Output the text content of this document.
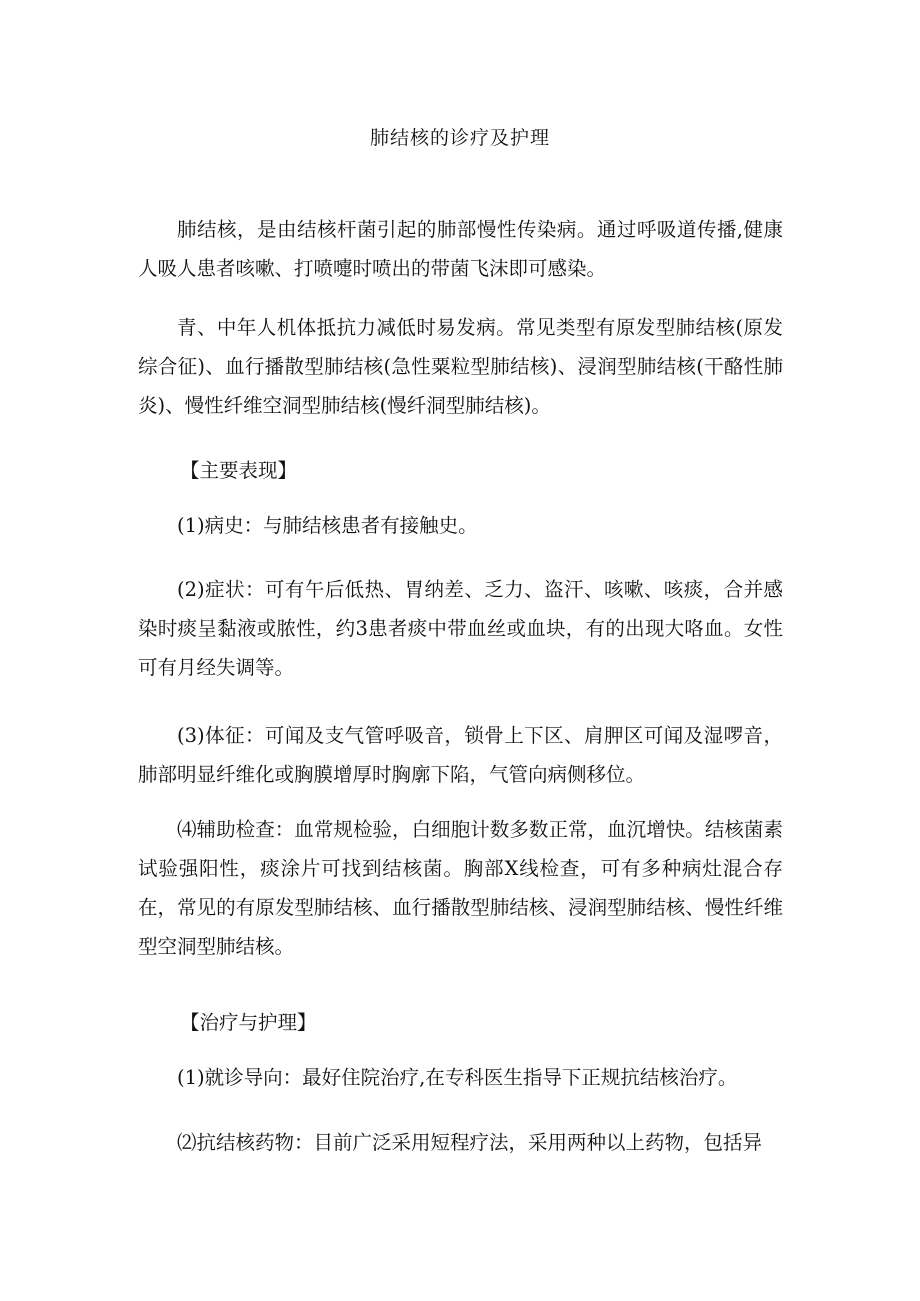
肺结核的诊疗及护理

肺结核，是由结核杆菌引起的肺部慢性传染病。通过呼吸道传播,健康人吸人患者咳嗽、打喷嚏时喷出的带菌飞沫即可感染。

青、中年人机体抵抗力减低时易发病。常见类型有原发型肺结核(原发综合征)、血行播散型肺结核(急性粟粒型肺结核)、浸润型肺结核(干酪性肺炎)、慢性纤维空洞型肺结核(慢纤洞型肺结核)。

【主要表现】

(1)病史：与肺结核患者有接触史。

(2)症状：可有午后低热、胃纳差、乏力、盗汗、咳嗽、咳痰，合并感染时痰呈黏液或脓性，约3患者痰中带血丝或血块，有的出现大咯血。女性可有月经失调等。

(3)体征：可闻及支气管呼吸音，锁骨上下区、肩胛区可闻及湿啰音，肺部明显纤维化或胸膜增厚时胸廓下陷，气管向病侧移位。

⑷辅助检查：血常规检验，白细胞计数多数正常，血沉增快。结核菌素试验强阳性，痰涂片可找到结核菌。胸部X线检查，可有多种病灶混合存在，常见的有原发型肺结核、血行播散型肺结核、浸润型肺结核、慢性纤维型空洞型肺结核。

【治疗与护理】

(1)就诊导向：最好住院治疗,在专科医生指导下正规抗结核治疗。

⑵抗结核药物：目前广泛采用短程疗法，采用两种以上药物，包括异
